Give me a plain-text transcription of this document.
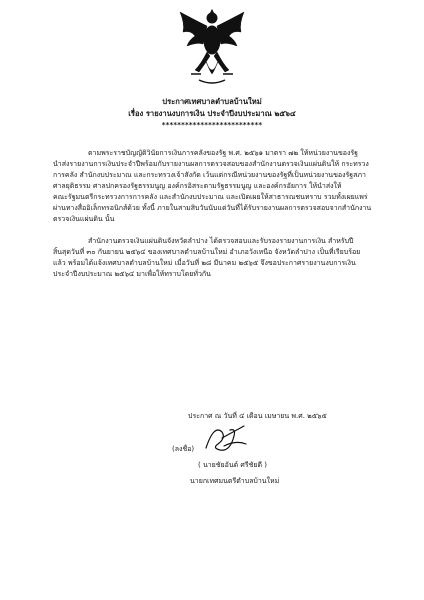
ประกาศเทศบาลตำบลบ้านใหม่
เรื่อง รายงานงบการเงิน ประจำปีงบประมาณ ๒๕๖๔
**************************
ตามพระราชบัญญัติวินัยการเงินการคลังของรัฐ พ.ศ. ๒๕๖๑ มาตรา ๗๒ ให้หน่วยงานของรัฐ
นำส่งรายงานการเงินประจำปีพร้อมกับรายงานผลการตรวจสอบของสำนักงานตรวจเงินแผ่นดินให้ กระทรวง
การคลัง สำนักงบประมาณ และกระทรวงเจ้าสังกัด เว้นแต่กรณีหน่วยงานของรัฐที่เป็นหน่วยงานของรัฐสภา
ศาลยุติธรรม ศาลปกครองรัฐธรรมนูญ องค์กรอิสระตามรัฐธรรมนูญ และองค์กรอัยการ ให้นำส่งให้
คณะรัฐมนตรีกระทรวงการการคลัง และสำนักงบประมาณ และเปิดเผยให้สาธารณชนทราบ รวมทั้งเผยแพร่
ผ่านทางสื่ออิเล็กทรอนิกส์ด้วย ทั้งนี้ ภายในสามสิบวันนับแต่วันที่ได้รับรายงานผลการตรวจสอบจากสำนักงาน
ตรวจเงินแผ่นดิน นั้น
สำนักงานตรวจเงินแผ่นดินจังหวัดลำปาง ได้ตรวจสอบและรับรองรายงานการเงิน สำหรับปี
สิ้นสุดวันที่ ๓๐ กันยายน ๒๕๖๔ ของเทศบาลตำบลบ้านใหม่ อำเภอวังเหนือ จังหวัดลำปาง เป็นที่เรียบร้อย
แล้ว พร้อมได้แจ้งเทศบาลตำบลบ้านใหม่ เมื่อวันที่ ๒๘ มีนาคม ๒๕๖๕ จึงขอประกาศรายงานงบการเงิน
ประจำปีงบประมาณ ๒๕๖๔ มาเพื่อให้ทราบโดยทั่วกัน
ประกาศ ณ วันที่ ๔ เดือน เมษายน พ.ศ. ๒๕๖๕
(ลงชื่อ)
( นายชัยอันต์ ศรีชัยดี )
นายกเทศมนตรีตำบลบ้านใหม่
